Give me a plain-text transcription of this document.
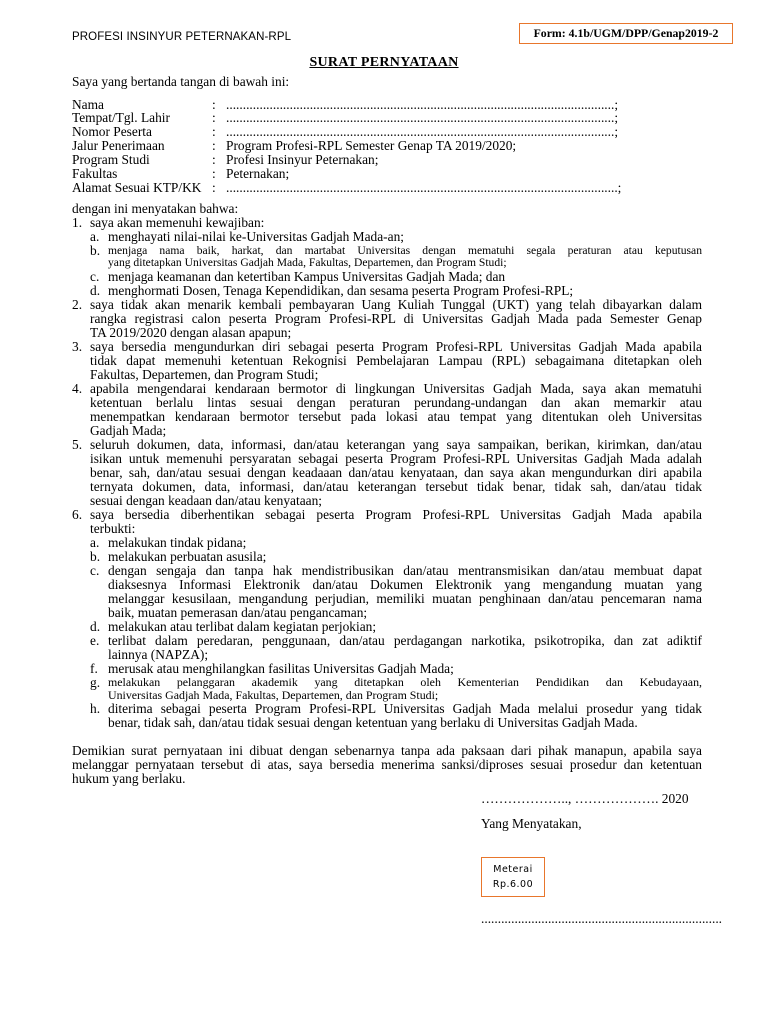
PROFESI INSINYUR PETERNAKAN-RPL	Form: 4.1b/UGM/DPP/Genap2019-2
SURAT PERNYATAAN
Saya yang bertanda tangan di bawah ini:
Nama	: ....................................................................................................................;
Tempat/Tgl. Lahir	: ....................................................................................................................;
Nomor Peserta	: ....................................................................................................................;
Jalur Penerimaan	: Program Profesi-RPL Semester Genap TA 2019/2020;
Program Studi	: Profesi Insinyur Peternakan;
Fakultas	: Peternakan;
Alamat Sesuai KTP/KK : .....................................................................................................................;
dengan ini menyatakan bahwa:
1. saya akan memenuhi kewajiban:
a. menghayati nilai-nilai ke-Universitas Gadjah Mada-an;
b. menjaga nama baik, harkat, dan martabat Universitas dengan mematuhi segala peraturan atau keputusan
yang ditetapkan Universitas Gadjah Mada, Fakultas, Departemen, dan Program Studi;
c. menjaga keamanan dan ketertiban Kampus Universitas Gadjah Mada; dan
d. menghormati Dosen, Tenaga Kependidikan, dan sesama peserta Program Profesi-RPL;
2. saya tidak akan menarik kembali pembayaran Uang Kuliah Tunggal (UKT) yang telah dibayarkan dalam
rangka registrasi calon peserta Program Profesi-RPL di Universitas Gadjah Mada pada Semester Genap
TA 2019/2020 dengan alasan apapun;
3. saya bersedia mengundurkan diri sebagai peserta Program Profesi-RPL Universitas Gadjah Mada apabila
tidak dapat memenuhi ketentuan Rekognisi Pembelajaran Lampau (RPL) sebagaimana ditetapkan oleh
Fakultas, Departemen, dan Program Studi;
4. apabila mengendarai kendaraan bermotor di lingkungan Universitas Gadjah Mada, saya akan mematuhi
ketentuan berlalu lintas sesuai dengan peraturan perundang-undangan dan akan memarkir atau
menempatkan kendaraan bermotor tersebut pada lokasi atau tempat yang ditentukan oleh Universitas
Gadjah Mada;
5. seluruh dokumen, data, informasi, dan/atau keterangan yang saya sampaikan, berikan, kirimkan, dan/atau
isikan untuk memenuhi persyaratan sebagai peserta Program Profesi-RPL Universitas Gadjah Mada adalah
benar, sah, dan/atau sesuai dengan keadaaan dan/atau kenyataan, dan saya akan mengundurkan diri apabila
ternyata dokumen, data, informasi, dan/atau keterangan tersebut tidak benar, tidak sah, dan/atau tidak
sesuai dengan keadaan dan/atau kenyataan;
6. saya bersedia diberhentikan sebagai peserta Program Profesi-RPL Universitas Gadjah Mada apabila
terbukti:
a. melakukan tindak pidana;
b. melakukan perbuatan asusila;
c. dengan sengaja dan tanpa hak mendistribusikan dan/atau mentransmisikan dan/atau membuat dapat
diaksesnya Informasi Elektronik dan/atau Dokumen Elektronik yang mengandung muatan yang
melanggar kesusilaan, mengandung perjudian, memiliki muatan penghinaan dan/atau pencemaran nama
baik, muatan pemerasan dan/atau pengancaman;
d. melakukan atau terlibat dalam kegiatan perjokian;
e. terlibat dalam peredaran, penggunaan, dan/atau perdagangan narkotika, psikotropika, dan zat adiktif
lainnya (NAPZA);
f. merusak atau menghilangkan fasilitas Universitas Gadjah Mada;
g. melakukan pelanggaran akademik yang ditetapkan oleh Kementerian Pendidikan dan Kebudayaan,
Universitas Gadjah Mada, Fakultas, Departemen, dan Program Studi;
h. diterima sebagai peserta Program Profesi-RPL Universitas Gadjah Mada melalui prosedur yang tidak
benar, tidak sah, dan/atau tidak sesuai dengan ketentuan yang berlaku di Universitas Gadjah Mada.
Demikian surat pernyataan ini dibuat dengan sebenarnya tanpa ada paksaan dari pihak manapun, apabila saya
melanggar pernyataan tersebut di atas, saya bersedia menerima sanksi/diproses sesuai prosedur dan ketentuan
hukum yang berlaku.
……………….., ………………. 2020
Yang Menyatakan,
Meterai
Rp.6.00
........................................................................
